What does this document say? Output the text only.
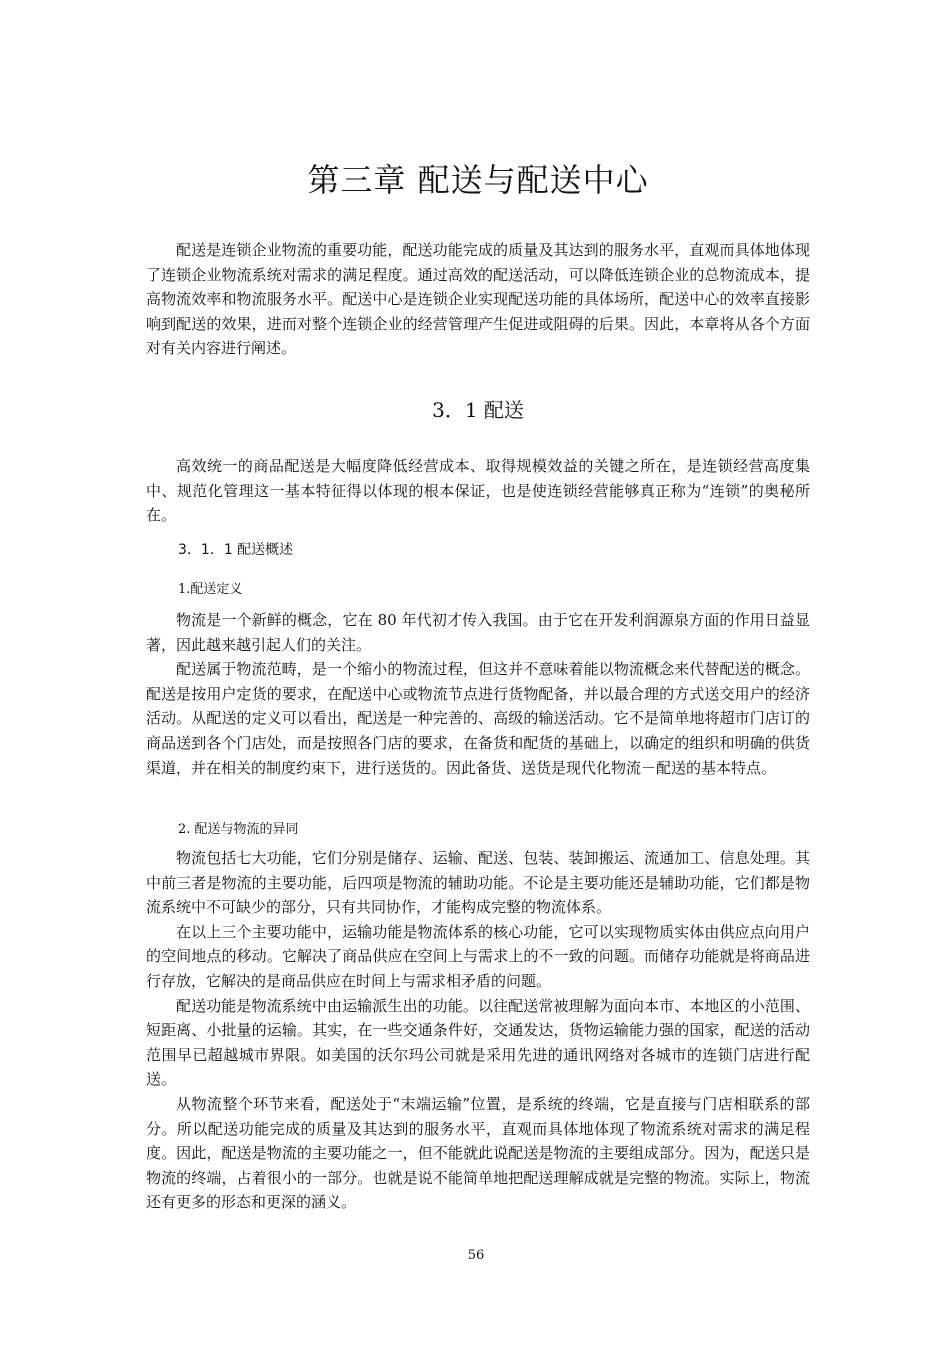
第三章 配送与配送中心

配送是连锁企业物流的重要功能，配送功能完成的质量及其达到的服务水平，直观而具体地体现了连锁企业物流系统对需求的满足程度。通过高效的配送活动，可以降低连锁企业的总物流成本，提高物流效率和物流服务水平。配送中心是连锁企业实现配送功能的具体场所，配送中心的效率直接影响到配送的效果，进而对整个连锁企业的经营管理产生促进或阻碍的后果。因此，本章将从各个方面对有关内容进行阐述。

3．1 配送

高效统一的商品配送是大幅度降低经营成本、取得规模效益的关键之所在，是连锁经营高度集中、规范化管理这一基本特征得以体现的根本保证，也是使连锁经营能够真正称为“连锁”的奥秘所在。

3．1．1 配送概述
1.配送定义

物流是一个新鲜的概念，它在 80 年代初才传入我国。由于它在开发利润源泉方面的作用日益显著，因此越来越引起人们的关注。

配送属于物流范畴，是一个缩小的物流过程，但这并不意味着能以物流概念来代替配送的概念。配送是按用户定货的要求，在配送中心或物流节点进行货物配备，并以最合理的方式送交用户的经济活动。从配送的定义可以看出，配送是一种完善的、高级的输送活动。它不是简单地将超市门店订的商品送到各个门店处，而是按照各门店的要求，在备货和配货的基础上，以确定的组织和明确的供货渠道，并在相关的制度约束下，进行送货的。因此备货、送货是现代化物流－配送的基本特点。

2. 配送与物流的异同

物流包括七大功能，它们分别是储存、运输、配送、包装、装卸搬运、流通加工、信息处理。其中前三者是物流的主要功能，后四项是物流的辅助功能。不论是主要功能还是辅助功能，它们都是物流系统中不可缺少的部分，只有共同协作，才能构成完整的物流体系。

在以上三个主要功能中，运输功能是物流体系的核心功能，它可以实现物质实体由供应点向用户的空间地点的移动。它解决了商品供应在空间上与需求上的不一致的问题。而储存功能就是将商品进行存放，它解决的是商品供应在时间上与需求相矛盾的问题。

配送功能是物流系统中由运输派生出的功能。以往配送常被理解为面向本市、本地区的小范围、短距离、小批量的运输。其实，在一些交通条件好，交通发达，货物运输能力强的国家，配送的活动范围早已超越城市界限。如美国的沃尔玛公司就是采用先进的通讯网络对各城市的连锁门店进行配送。

从物流整个环节来看，配送处于“末端运输”位置，是系统的终端，它是直接与门店相联系的部分。所以配送功能完成的质量及其达到的服务水平，直观而具体地体现了物流系统对需求的满足程度。因此，配送是物流的主要功能之一，但不能就此说配送是物流的主要组成部分。因为，配送只是物流的终端，占着很小的一部分。也就是说不能简单地把配送理解成就是完整的物流。实际上，物流还有更多的形态和更深的涵义。

56
